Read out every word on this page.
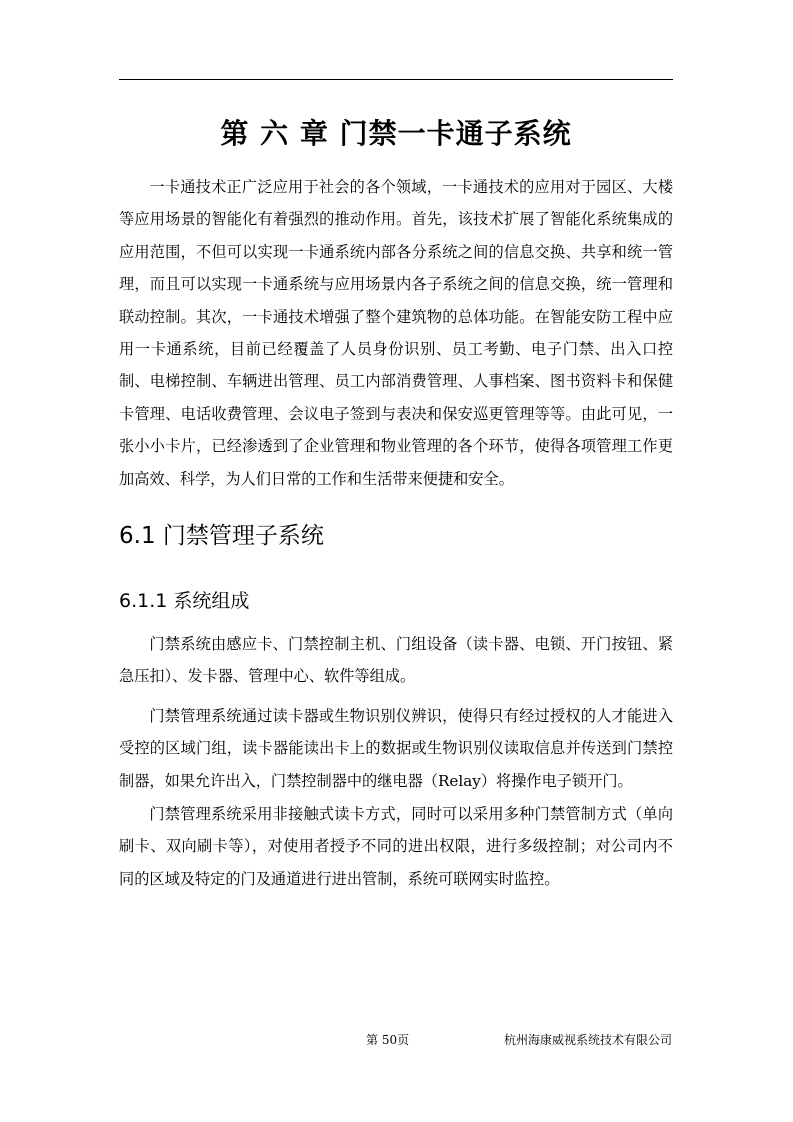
第 六 章 门禁一卡通子系统

一卡通技术正广泛应用于社会的各个领域，一卡通技术的应用对于园区、大楼等应用场景的智能化有着强烈的推动作用。首先，该技术扩展了智能化系统集成的应用范围，不但可以实现一卡通系统内部各分系统之间的信息交换、共享和统一管理，而且可以实现一卡通系统与应用场景内各子系统之间的信息交换，统一管理和联动控制。其次，一卡通技术增强了整个建筑物的总体功能。在智能安防工程中应用一卡通系统，目前已经覆盖了人员身份识别、员工考勤、电子门禁、出入口控制、电梯控制、车辆进出管理、员工内部消费管理、人事档案、图书资料卡和保健卡管理、电话收费管理、会议电子签到与表决和保安巡更管理等等。由此可见，一张小小卡片，已经渗透到了企业管理和物业管理的各个环节，使得各项管理工作更加高效、科学，为人们日常的工作和生活带来便捷和安全。

6.1 门禁管理子系统
6.1.1 系统组成

门禁系统由感应卡、门禁控制主机、门组设备（读卡器、电锁、开门按钮、紧急压扣）、发卡器、管理中心、软件等组成。

门禁管理系统通过读卡器或生物识别仪辨识，使得只有经过授权的人才能进入受控的区域门组，读卡器能读出卡上的数据或生物识别仪读取信息并传送到门禁控制器，如果允许出入，门禁控制器中的继电器（Relay）将操作电子锁开门。

门禁管理系统采用非接触式读卡方式，同时可以采用多种门禁管制方式（单向刷卡、双向刷卡等），对使用者授予不同的进出权限，进行多级控制；对公司内不同的区域及特定的门及通道进行进出管制，系统可联网实时监控。

第 50页	杭州海康威视系统技术有限公司
